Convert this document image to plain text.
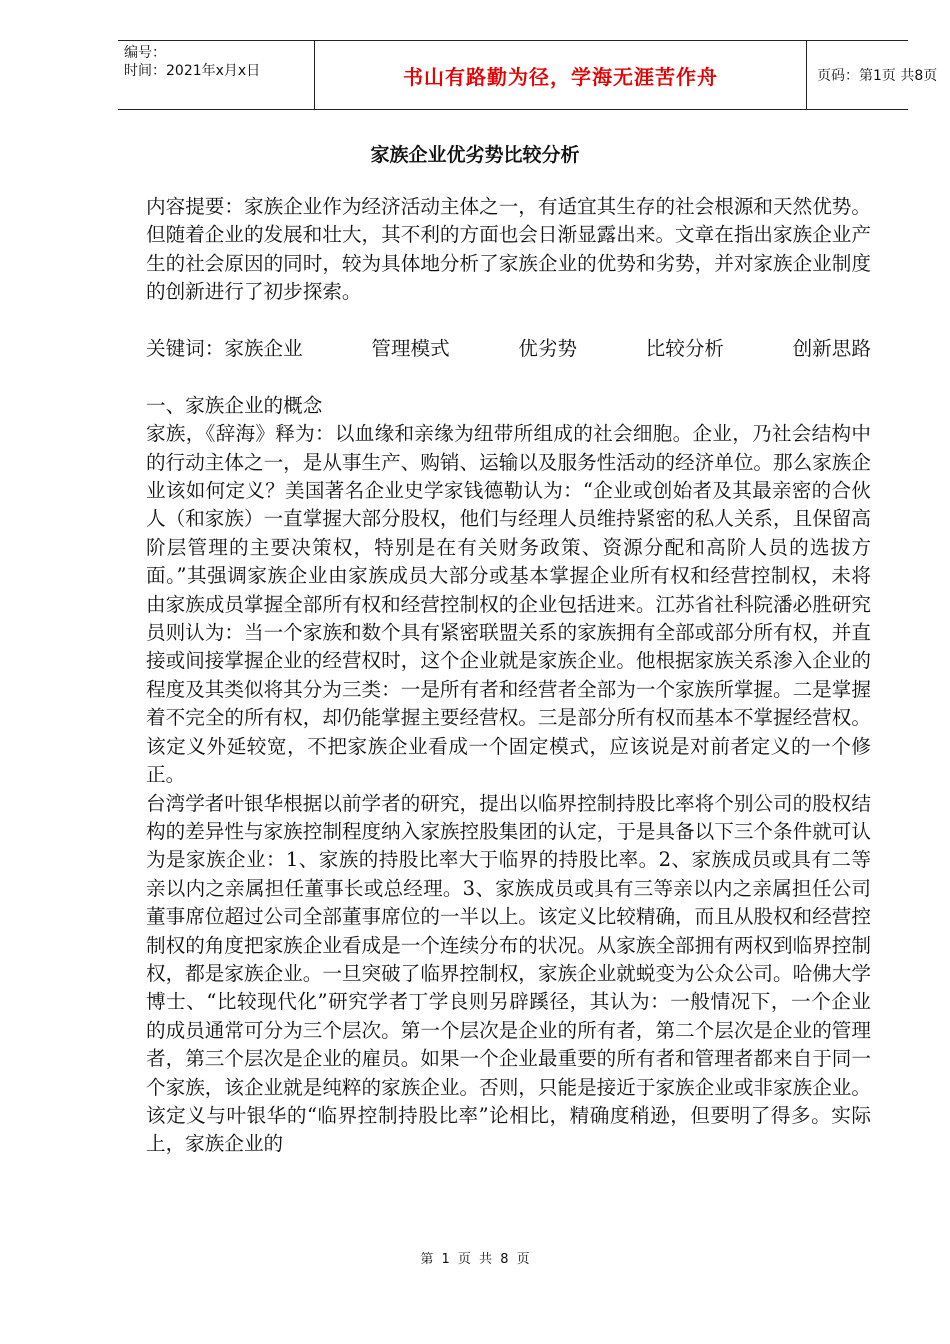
编号：
时间：2021年x月x日	书山有路勤为径，学海无涯苦作舟	页码：第1页 共8页
家族企业优劣势比较分析

内容提要：家族企业作为经济活动主体之一，有适宜其生存的社会根源和天然优势。但随着企业的发展和壮大，其不利的方面也会日渐显露出来。文章在指出家族企业产生的社会原因的同时，较为具体地分析了家族企业的优势和劣势，并对家族企业制度的创新进行了初步探索。

关键词：家族企业	管理模式	优劣势	比较分析	创新思路

一、家族企业的概念

家族，《辞海》释为：以血缘和亲缘为纽带所组成的社会细胞。企业，乃社会结构中的行动主体之一，是从事生产、购销、运输以及服务性活动的经济单位。那么家族企业该如何定义？美国著名企业史学家钱德勒认为：“企业或创始者及其最亲密的合伙人（和家族）一直掌握大部分股权，他们与经理人员维持紧密的私人关系，且保留高阶层管理的主要决策权，特别是在有关财务政策、资源分配和高阶人员的选拔方面。”其强调家族企业由家族成员大部分或基本掌握企业所有权和经营控制权，未将由家族成员掌握全部所有权和经营控制权的企业包括进来。江苏省社科院潘必胜研究员则认为：当一个家族和数个具有紧密联盟关系的家族拥有全部或部分所有权，并直接或间接掌握企业的经营权时，这个企业就是家族企业。他根据家族关系渗入企业的程度及其类似将其分为三类：一是所有者和经营者全部为一个家族所掌握。二是掌握着不完全的所有权，却仍能掌握主要经营权。三是部分所有权而基本不掌握经营权。该定义外延较宽，不把家族企业看成一个固定模式，应该说是对前者定义的一个修正。

台湾学者叶银华根据以前学者的研究，提出以临界控制持股比率将个别公司的股权结构的差异性与家族控制程度纳入家族控股集团的认定，于是具备以下三个条件就可认为是家族企业：1、家族的持股比率大于临界的持股比率。2、家族成员或具有二等亲以内之亲属担任董事长或总经理。3、家族成员或具有三等亲以内之亲属担任公司董事席位超过公司全部董事席位的一半以上。该定义比较精确，而且从股权和经营控制权的角度把家族企业看成是一个连续分布的状况。从家族全部拥有两权到临界控制权，都是家族企业。一旦突破了临界控制权，家族企业就蜕变为公众公司。哈佛大学博士、“比较现代化”研究学者丁学良则另辟蹊径，其认为：一般情况下，一个企业的成员通常可分为三个层次。第一个层次是企业的所有者，第二个层次是企业的管理者，第三个层次是企业的雇员。如果一个企业最重要的所有者和管理者都来自于同一个家族，该企业就是纯粹的家族企业。否则，只能是接近于家族企业或非家族企业。该定义与叶银华的“临界控制持股比率”论相比，精确度稍逊，但要明了得多。实际上，家族企业的

第 1 页 共 8 页
